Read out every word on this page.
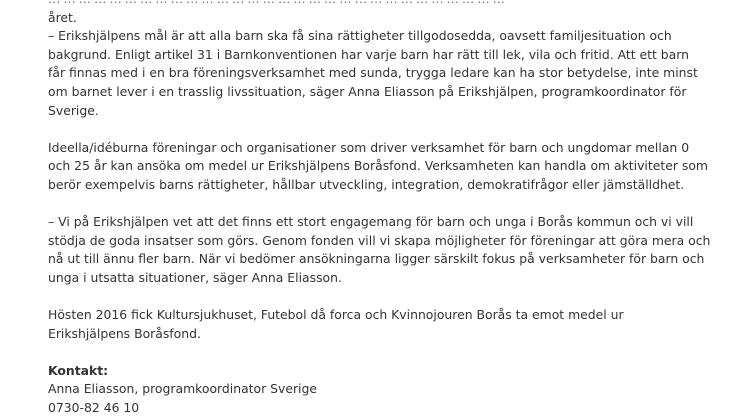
året.
– Erikshjälpens mål är att alla barn ska få sina rättigheter tillgodosedda, oavsett familjesituation och
bakgrund. Enligt artikel 31 i Barnkonventionen har varje barn har rätt till lek, vila och fritid. Att ett barn
får finnas med i en bra föreningsverksamhet med sunda, trygga ledare kan ha stor betydelse, inte minst
om barnet lever i en trasslig livssituation, säger Anna Eliasson på Erikshjälpen, programkoordinator för
Sverige.

Ideella/idéburna föreningar och organisationer som driver verksamhet för barn och ungdomar mellan 0
och 25 år kan ansöka om medel ur Erikshjälpens Boråsfond. Verksamheten kan handla om aktiviteter som
berör exempelvis barns rättigheter, hållbar utveckling, integration, demokratifrågor eller jämställdhet.

– Vi på Erikshjälpen vet att det finns ett stort engagemang för barn och unga i Borås kommun och vi vill
stödja de goda insatser som görs. Genom fonden vill vi skapa möjligheter för föreningar att göra mera och
nå ut till ännu fler barn. När vi bedömer ansökningarna ligger särskilt fokus på verksamheter för barn och
unga i utsatta situationer, säger Anna Eliasson.

Hösten 2016 fick Kultursjukhuset, Futebol då forca och Kvinnojouren Borås ta emot medel ur
Erikshjälpens Boråsfond.

Kontakt:

Anna Eliasson, programkoordinator Sverige

0730-82 46 10
